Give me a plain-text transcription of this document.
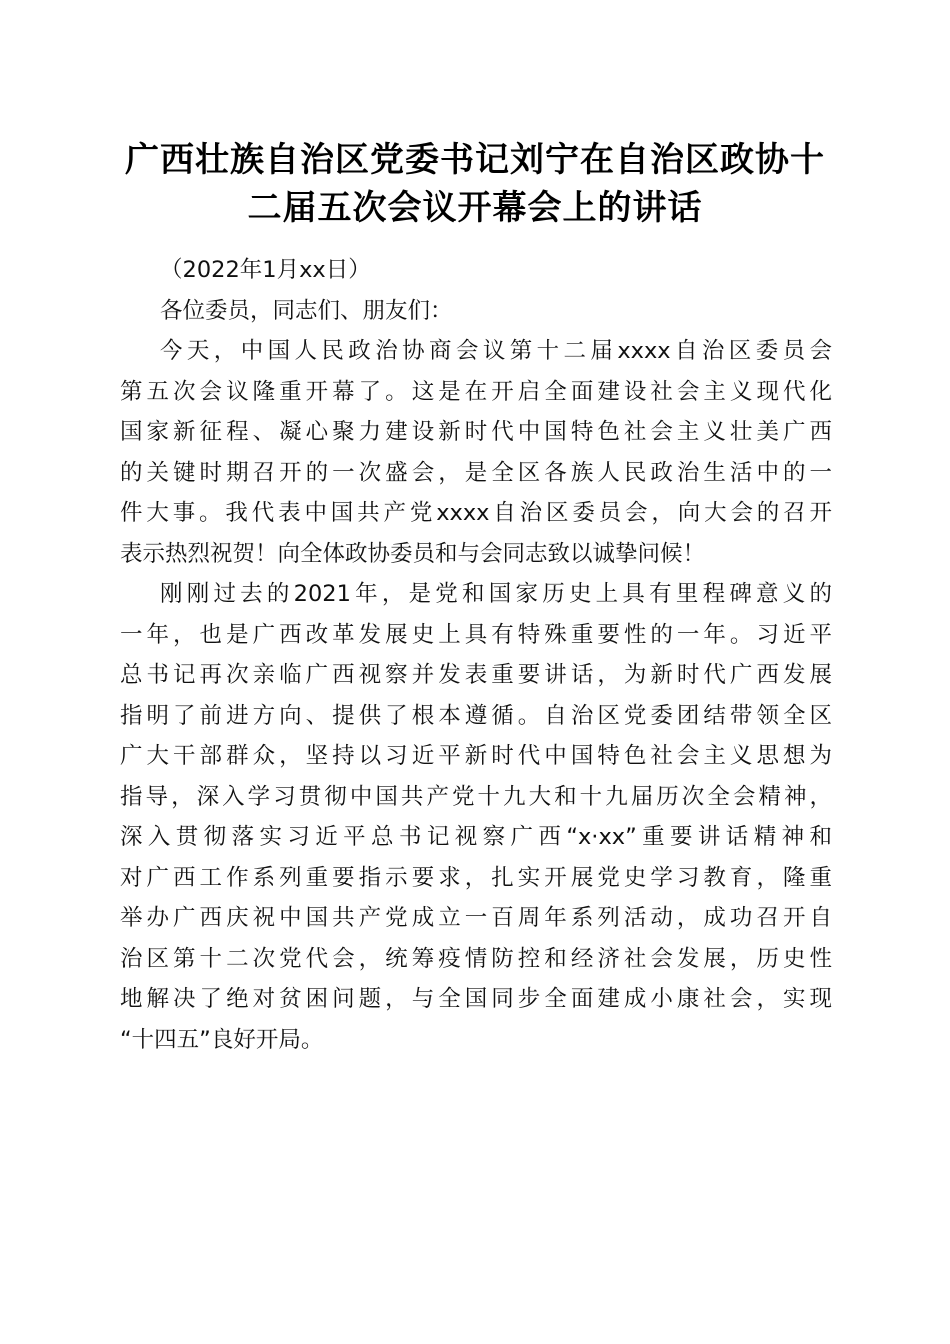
广西壮族自治区党委书记刘宁在自治区政协十
二届五次会议开幕会上的讲话
（2022年1月xx日）
各位委员，同志们、朋友们：
今天，中国人民政治协商会议第十二届xxxx自治区委员会
第五次会议隆重开幕了。这是在开启全面建设社会主义现代化
国家新征程、凝心聚力建设新时代中国特色社会主义壮美广西
的关键时期召开的一次盛会，是全区各族人民政治生活中的一
件大事。我代表中国共产党xxxx自治区委员会，向大会的召开
表示热烈祝贺！向全体政协委员和与会同志致以诚挚问候！
刚刚过去的2021年，是党和国家历史上具有里程碑意义的
一年，也是广西改革发展史上具有特殊重要性的一年。习近平
总书记再次亲临广西视察并发表重要讲话，为新时代广西发展
指明了前进方向、提供了根本遵循。自治区党委团结带领全区
广大干部群众，坚持以习近平新时代中国特色社会主义思想为
指导，深入学习贯彻中国共产党十九大和十九届历次全会精神，
深入贯彻落实习近平总书记视察广西“x·xx”重要讲话精神和
对广西工作系列重要指示要求，扎实开展党史学习教育，隆重
举办广西庆祝中国共产党成立一百周年系列活动，成功召开自
治区第十二次党代会，统筹疫情防控和经济社会发展，历史性
地解决了绝对贫困问题，与全国同步全面建成小康社会，实现
“十四五”良好开局。
